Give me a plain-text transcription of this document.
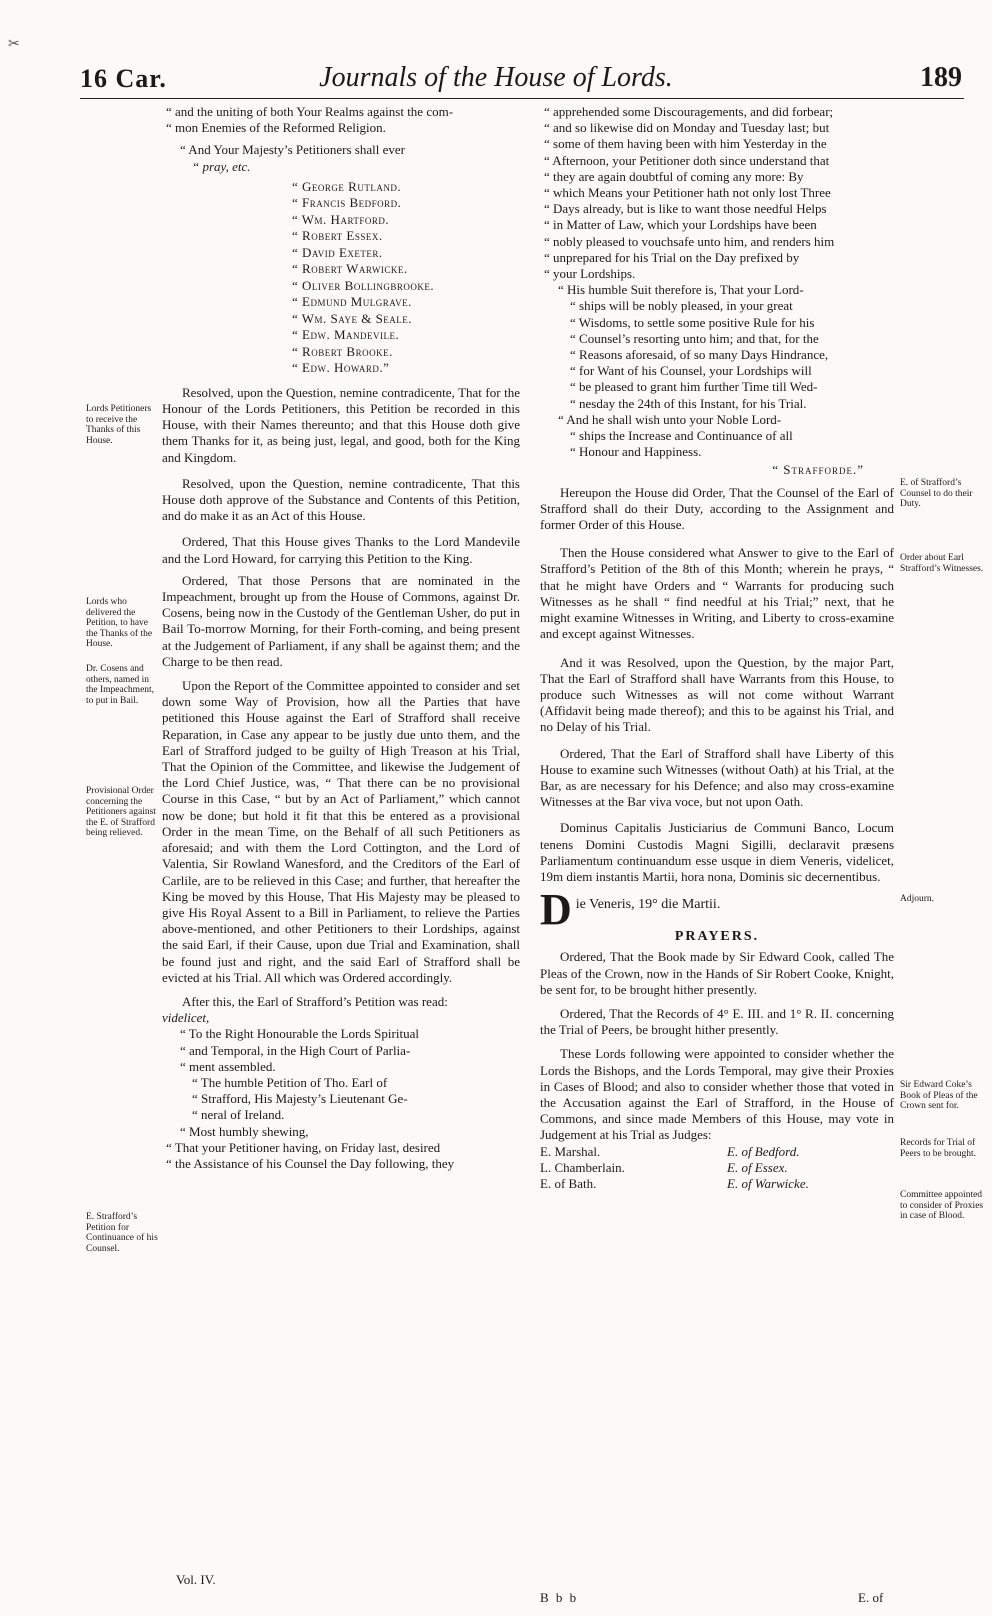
✂
16 Car.	Journals of the House of Lords.	189
“ and the uniting of both Your Realms against the com-
“ mon Enemies of the Reformed Religion.
“ And Your Majesty’s Petitioners shall ever
“ pray, etc.
“ George Rutland.
“ Francis Bedford.
“ Wm. Hartford.
“ Robert Essex.
“ David Exeter.
“ Robert Warwicke.
“ Oliver Bollingbrooke.
“ Edmund Mulgrave.
“ Wm. Saye & Seale.
“ Edw. Mandevile.
“ Robert Brooke.
“ Edw. Howard.”

Resolved, upon the Question, nemine contradicente, That for the Honour of the Lords Petitioners, this Petition be recorded in this House, with their Names thereunto; and that this House doth give them Thanks for it, as being just, legal, and good, both for the King and Kingdom.

Resolved, upon the Question, nemine contradicente, That this House doth approve of the Substance and Contents of this Petition, and do make it as an Act of this House.

Ordered, That this House gives Thanks to the Lord Mandevile and the Lord Howard, for carrying this Petition to the King.

Ordered, That those Persons that are nominated in the Impeachment, brought up from the House of Commons, against Dr. Cosens, being now in the Custody of the Gentleman Usher, do put in Bail To-morrow Morning, for their Forth-coming, and being present at the Judgement of Parliament, if any shall be against them; and the Charge to be then read.

Upon the Report of the Committee appointed to consider and set down some Way of Provision, how all the Parties that have petitioned this House against the Earl of Strafford shall receive Reparation, in Case any appear to be justly due unto them, and the Earl of Strafford judged to be guilty of High Treason at his Trial, That the Opinion of the Committee, and likewise the Judgement of the Lord Chief Justice, was, “ That there can be no provisional Course in this Case, “ but by an Act of Parliament,” which cannot now be done; but hold it fit that this be entered as a provisional Order in the mean Time, on the Behalf of all such Petitioners as aforesaid; and with them the Lord Cottington, and the Lord of Valentia, Sir Rowland Wanesford, and the Creditors of the Earl of Carlile, are to be relieved in this Case; and further, that hereafter the King be moved by this House, That His Majesty may be pleased to give His Royal Assent to a Bill in Parliament, to relieve the Parties above-mentioned, and other Petitioners to their Lordships, against the said Earl, if their Cause, upon due Trial and Examination, shall be found just and right, and the said Earl of Strafford shall be evicted at his Trial. All which was Ordered accordingly.

After this, the Earl of Strafford’s Petition was read:

videlicet,
“ To the Right Honourable the Lords Spiritual
“ and Temporal, in the High Court of Parlia-
“ ment assembled.
“ The humble Petition of Tho. Earl of
“ Strafford, His Majesty’s Lieutenant Ge-
“ neral of Ireland.
“ Most humbly shewing,
“ That your Petitioner having, on Friday last, desired
“ the Assistance of his Counsel the Day following, they
Vol. IV.
B b b
“ apprehended some Discouragements, and did forbear;
“ and so likewise did on Monday and Tuesday last; but
“ some of them having been with him Yesterday in the
“ Afternoon, your Petitioner doth since understand that
“ they are again doubtful of coming any more: By
“ which Means your Petitioner hath not only lost Three
“ Days already, but is like to want those needful Helps
“ in Matter of Law, which your Lordships have been
“ nobly pleased to vouchsafe unto him, and renders him
“ unprepared for his Trial on the Day prefixed by
“ your Lordships.
“ His humble Suit therefore is, That your Lord-
“ ships will be nobly pleased, in your great
“ Wisdoms, to settle some positive Rule for his
“ Counsel’s resorting unto him; and that, for the
“ Reasons aforesaid, of so many Days Hindrance,
“ for Want of his Counsel, your Lordships will
“ be pleased to grant him further Time till Wed-
“ nesday the 24th of this Instant, for his Trial.
“ And he shall wish unto your Noble Lord-
“ ships the Increase and Continuance of all
“ Honour and Happiness.
“ Strafforde.”

Hereupon the House did Order, That the Counsel of the Earl of Strafford shall do their Duty, according to the Assignment and former Order of this House.

Then the House considered what Answer to give to the Earl of Strafford’s Petition of the 8th of this Month; wherein he prays, “ that he might have Orders and “ Warrants for producing such Witnesses as he shall “ find needful at his Trial;” next, that he might examine Witnesses in Writing, and Liberty to cross-examine and except against Witnesses.

And it was Resolved, upon the Question, by the major Part, That the Earl of Strafford shall have Warrants from this House, to produce such Witnesses as will not come without Warrant (Affidavit being made thereof); and this to be against his Trial, and no Delay of his Trial.

Ordered, That the Earl of Strafford shall have Liberty of this House to examine such Witnesses (without Oath) at his Trial, at the Bar, as are necessary for his Defence; and also may cross-examine Witnesses at the Bar viva voce, but not upon Oath.

Dominus Capitalis Justiciarius de Communi Banco, Locum tenens Domini Custodis Magni Sigilli, declaravit præsens Parliamentum continuandum esse usque in diem Veneris, videlicet, 19m diem instantis Martii, hora nona, Dominis sic decernentibus.

D ie Veneris, 19° die Martii.
PRAYERS.

Ordered, That the Book made by Sir Edward Cook, called The Pleas of the Crown, now in the Hands of Sir Robert Cooke, Knight, be sent for, to be brought hither presently.

Ordered, That the Records of 4° E. III. and 1° R. II. concerning the Trial of Peers, be brought hither presently.

These Lords following were appointed to consider whether the Lords the Bishops, and the Lords Temporal, may give their Proxies in Cases of Blood; and also to consider whether those that voted in the Accusation against the Earl of Strafford, in the House of Commons, and since made Members of this House, may vote in Judgement at his Trial as Judges:

E. Marshal.	E. of Bedford.
L. Chamberlain.	E. of Essex.
E. of Bath.	E. of Warwicke.
E. of
Lords Petitioners to receive the Thanks of this House.
Lords who delivered the Petition, to have the Thanks of the House.
Dr. Cosens and others, named in the Impeachment, to put in Bail.
Provisional Order concerning the Petitioners against the E. of Strafford being relieved.
E. Strafford’s Petition for Continuance of his Counsel.
E. of Strafford’s Counsel to do their Duty.
Order about Earl Strafford’s Witnesses.
Adjourn.
Sir Edward Coke’s Book of Pleas of the Crown sent for.
Records for Trial of Peers to be brought.
Committee appointed to consider of Proxies in case of Blood.
